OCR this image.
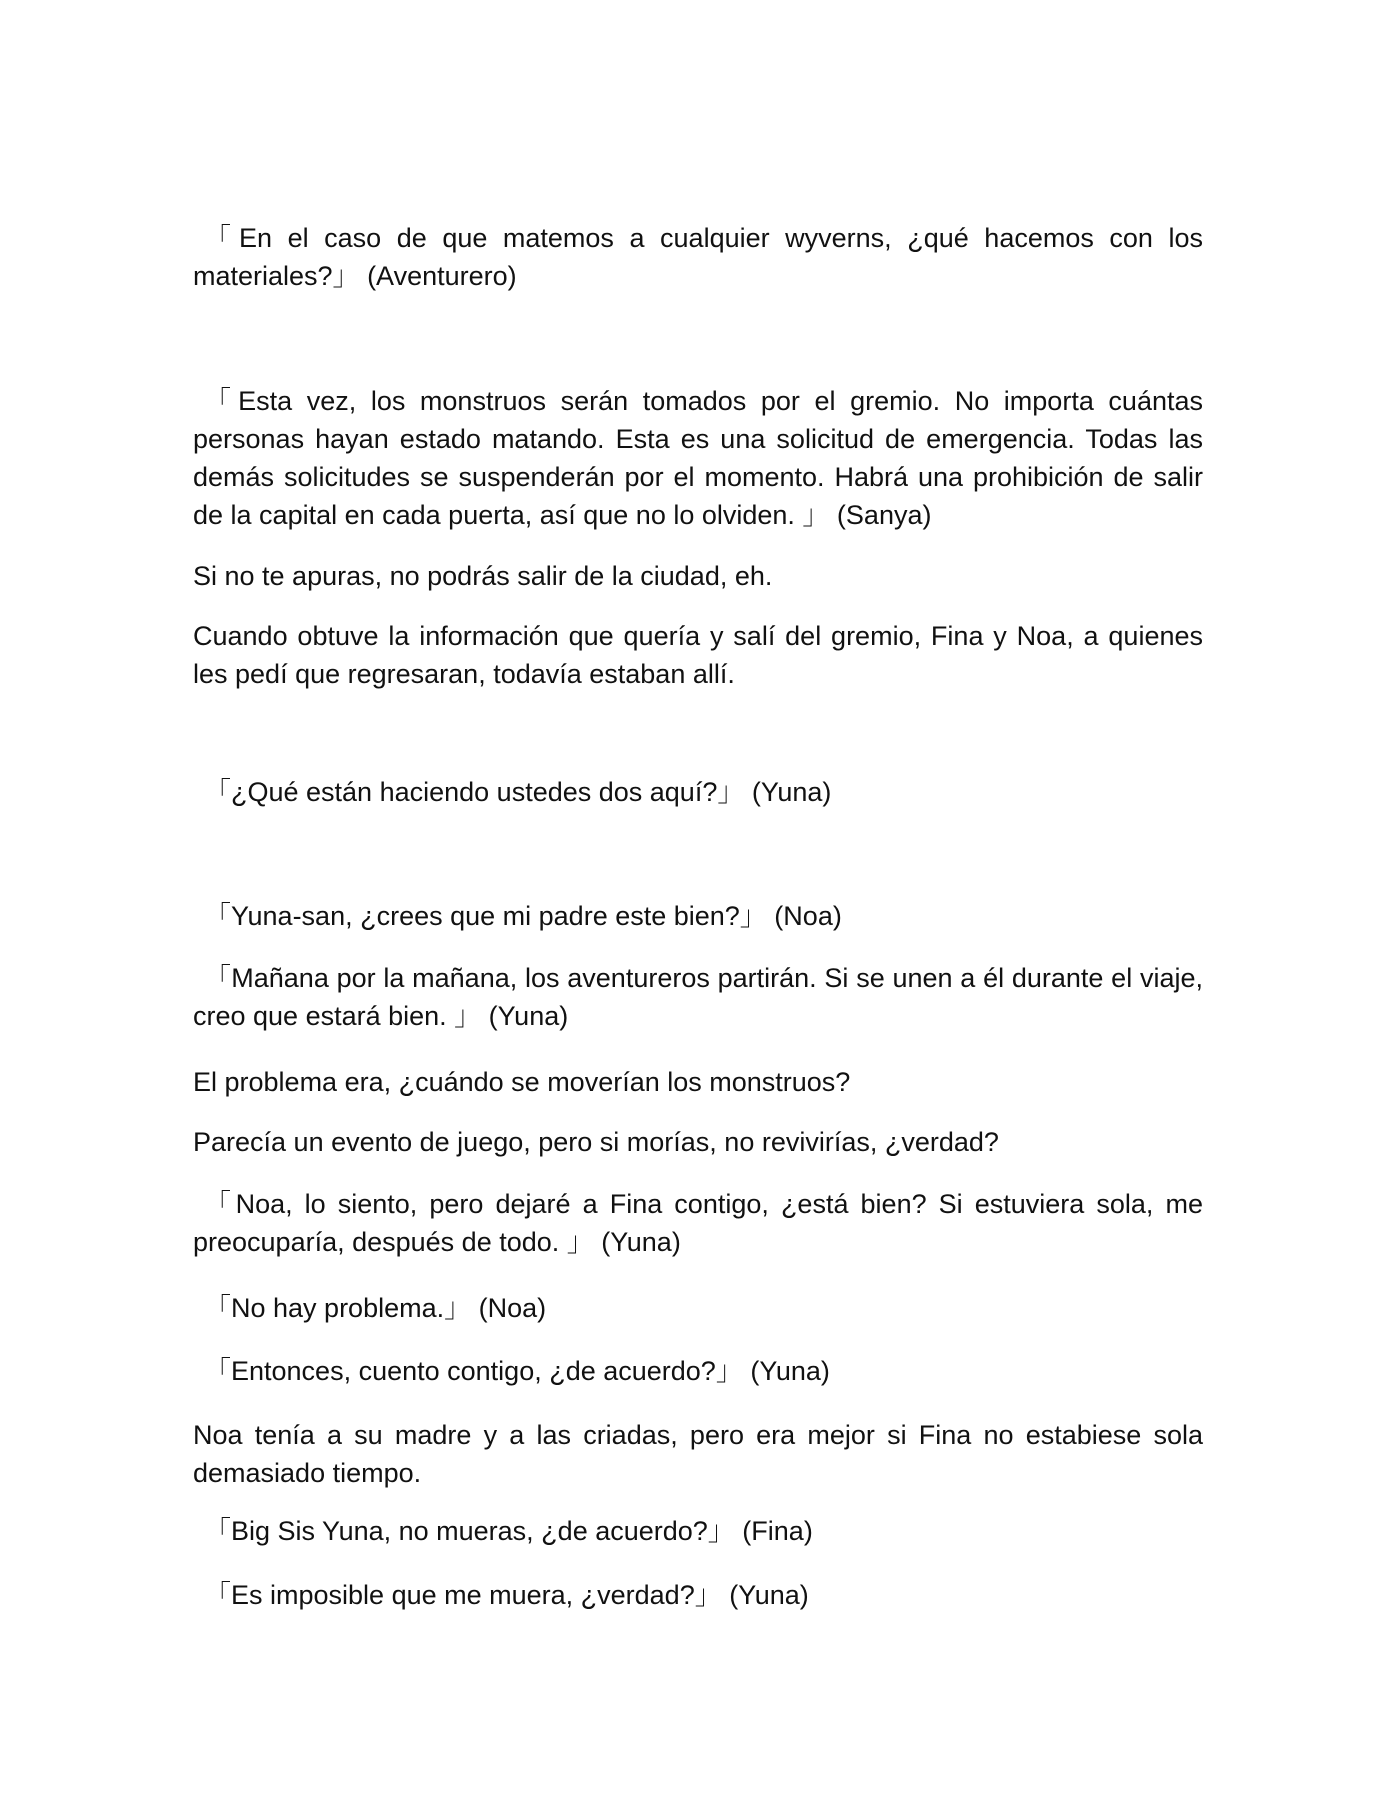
「En el caso de que matemos a cualquier wyverns, ¿qué hacemos con los materiales?」 (Aventurero)

「Esta vez, los monstruos serán tomados por el gremio. No importa cuántas personas hayan estado matando. Esta es una solicitud de emergencia. Todas las demás solicitudes se suspenderán por el momento. Habrá una prohibición de salir de la capital en cada puerta, así que no lo olviden. 」 (Sanya)

Si no te apuras, no podrás salir de la ciudad, eh.

Cuando obtuve la información que quería y salí del gremio, Fina y Noa, a quienes les pedí que regresaran, todavía estaban allí.

「¿Qué están haciendo ustedes dos aquí?」 (Yuna)

「Yuna-san, ¿crees que mi padre este bien?」 (Noa)

「Mañana por la mañana, los aventureros partirán. Si se unen a él durante el viaje, creo que estará bien. 」 (Yuna)

El problema era, ¿cuándo se moverían los monstruos?

Parecía un evento de juego, pero si morías, no revivirías, ¿verdad?

「Noa, lo siento, pero dejaré a Fina contigo, ¿está bien? Si estuviera sola, me preocuparía, después de todo. 」 (Yuna)

「No hay problema.」 (Noa)

「Entonces, cuento contigo, ¿de acuerdo?」 (Yuna)

Noa tenía a su madre y a las criadas, pero era mejor si Fina no estabiese sola demasiado tiempo.

「Big Sis Yuna, no mueras, ¿de acuerdo?」 (Fina)

「Es imposible que me muera, ¿verdad?」 (Yuna)
